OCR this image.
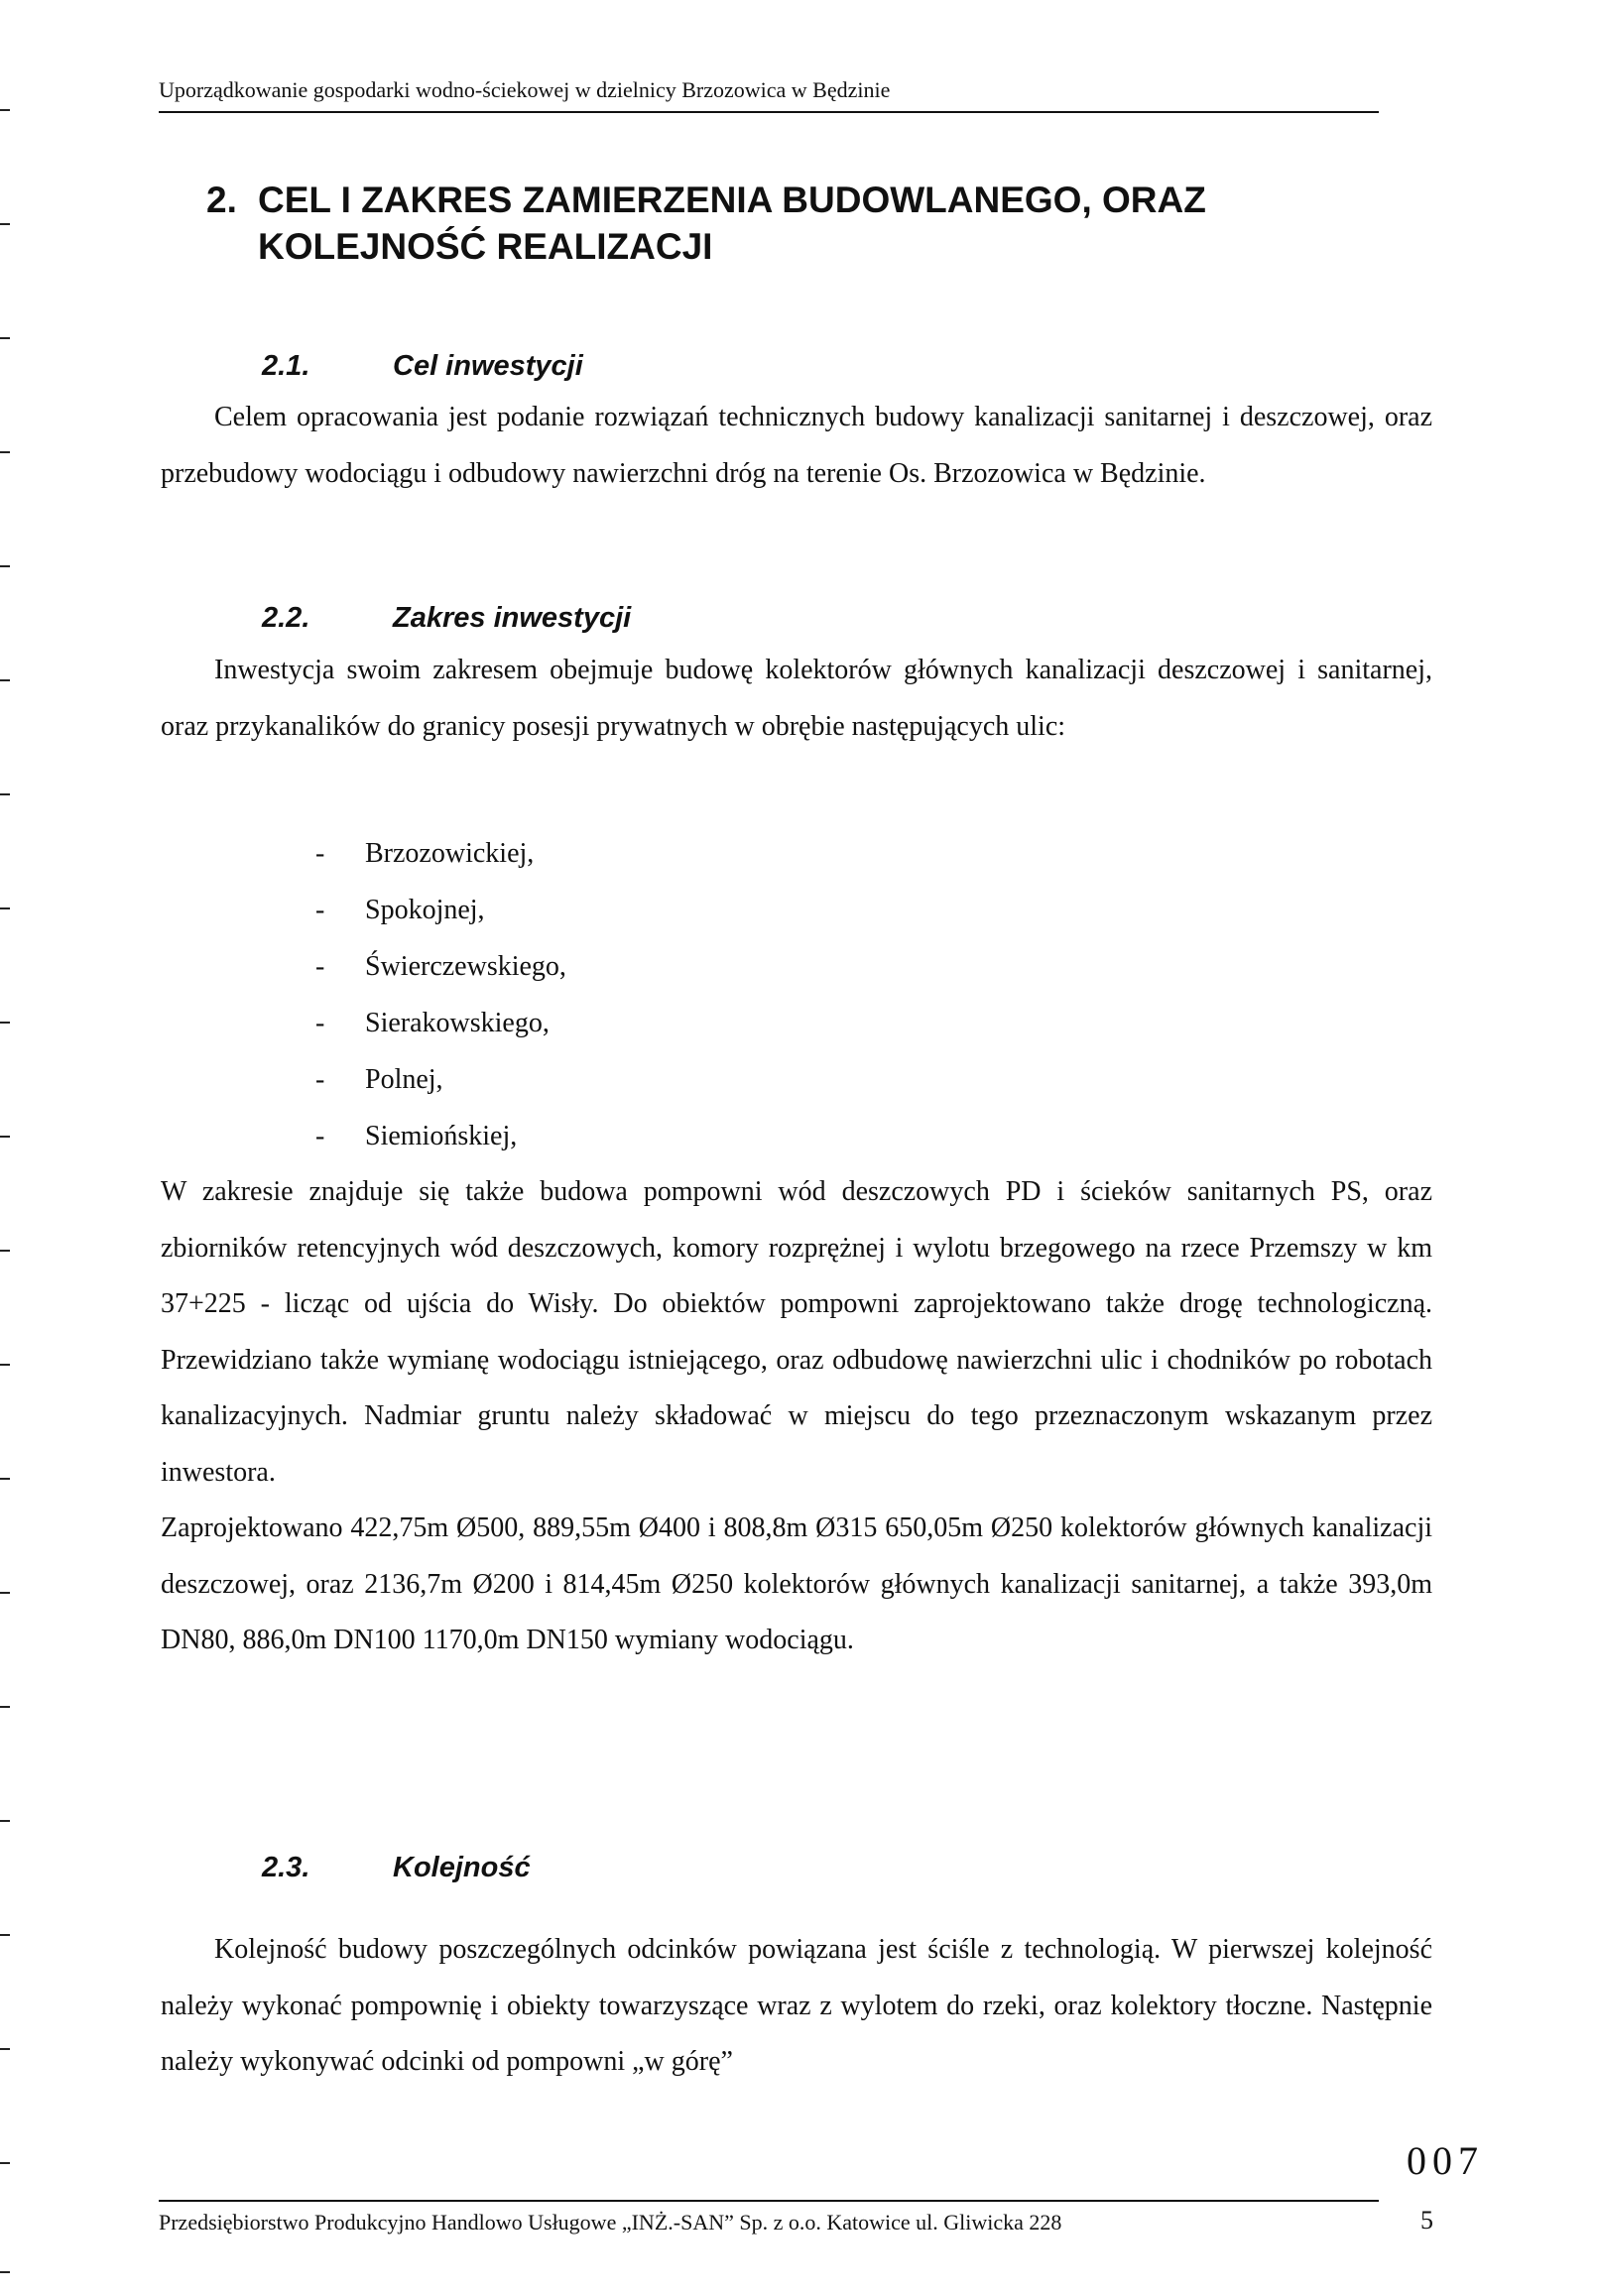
Uporządkowanie gospodarki wodno-ściekowej w dzielnicy Brzozowica w Będzinie
2. CEL I ZAKRES ZAMIERZENIA BUDOWLANEGO, ORAZ KOLEJNOŚĆ REALIZACJI
2.1.	Cel inwestycji

Celem opracowania jest podanie rozwiązań technicznych budowy kanalizacji sanitarnej i deszczowej, oraz przebudowy wodociągu i odbudowy nawierzchni dróg na terenie Os. Brzozowica w Będzinie.

2.2.	Zakres inwestycji

Inwestycja swoim zakresem obejmuje budowę kolektorów głównych kanalizacji deszczowej i sanitarnej, oraz przykanalików do granicy posesji prywatnych w obrębie następujących ulic:

- Brzozowickiej,
- Spokojnej,
- Świerczewskiego,
- Sierakowskiego,
- Polnej,
- Siemiońskiej,

W zakresie znajduje się także budowa pompowni wód deszczowych PD i ścieków sanitarnych PS, oraz zbiorników retencyjnych wód deszczowych, komory rozprężnej i wylotu brzegowego na rzece Przemszy w km 37+225 - licząc od ujścia do Wisły. Do obiektów pompowni zaprojektowano także drogę technologiczną. Przewidziano także wymianę wodociągu istniejącego, oraz odbudowę nawierzchni ulic i chodników po robotach kanalizacyjnych. Nadmiar gruntu należy składować w miejscu do tego przeznaczonym wskazanym przez inwestora.

Zaprojektowano 422,75m Ø500, 889,55m Ø400 i 808,8m Ø315 650,05m Ø250 kolektorów głównych kanalizacji deszczowej, oraz 2136,7m Ø200 i 814,45m Ø250 kolektorów głównych kanalizacji sanitarnej, a także 393,0m DN80, 886,0m DN100 1170,0m DN150 wymiany wodociągu.

2.3.	Kolejność

Kolejność budowy poszczególnych odcinków powiązana jest ściśle z technologią. W pierwszej kolejność należy wykonać pompownię i obiekty towarzyszące wraz z wylotem do rzeki, oraz kolektory tłoczne. Następnie należy wykonywać odcinki od pompowni „w górę”

007
Przedsiębiorstwo Produkcyjno Handlowo Usługowe „INŻ.-SAN” Sp. z o.o. Katowice ul. Gliwicka 228	5
